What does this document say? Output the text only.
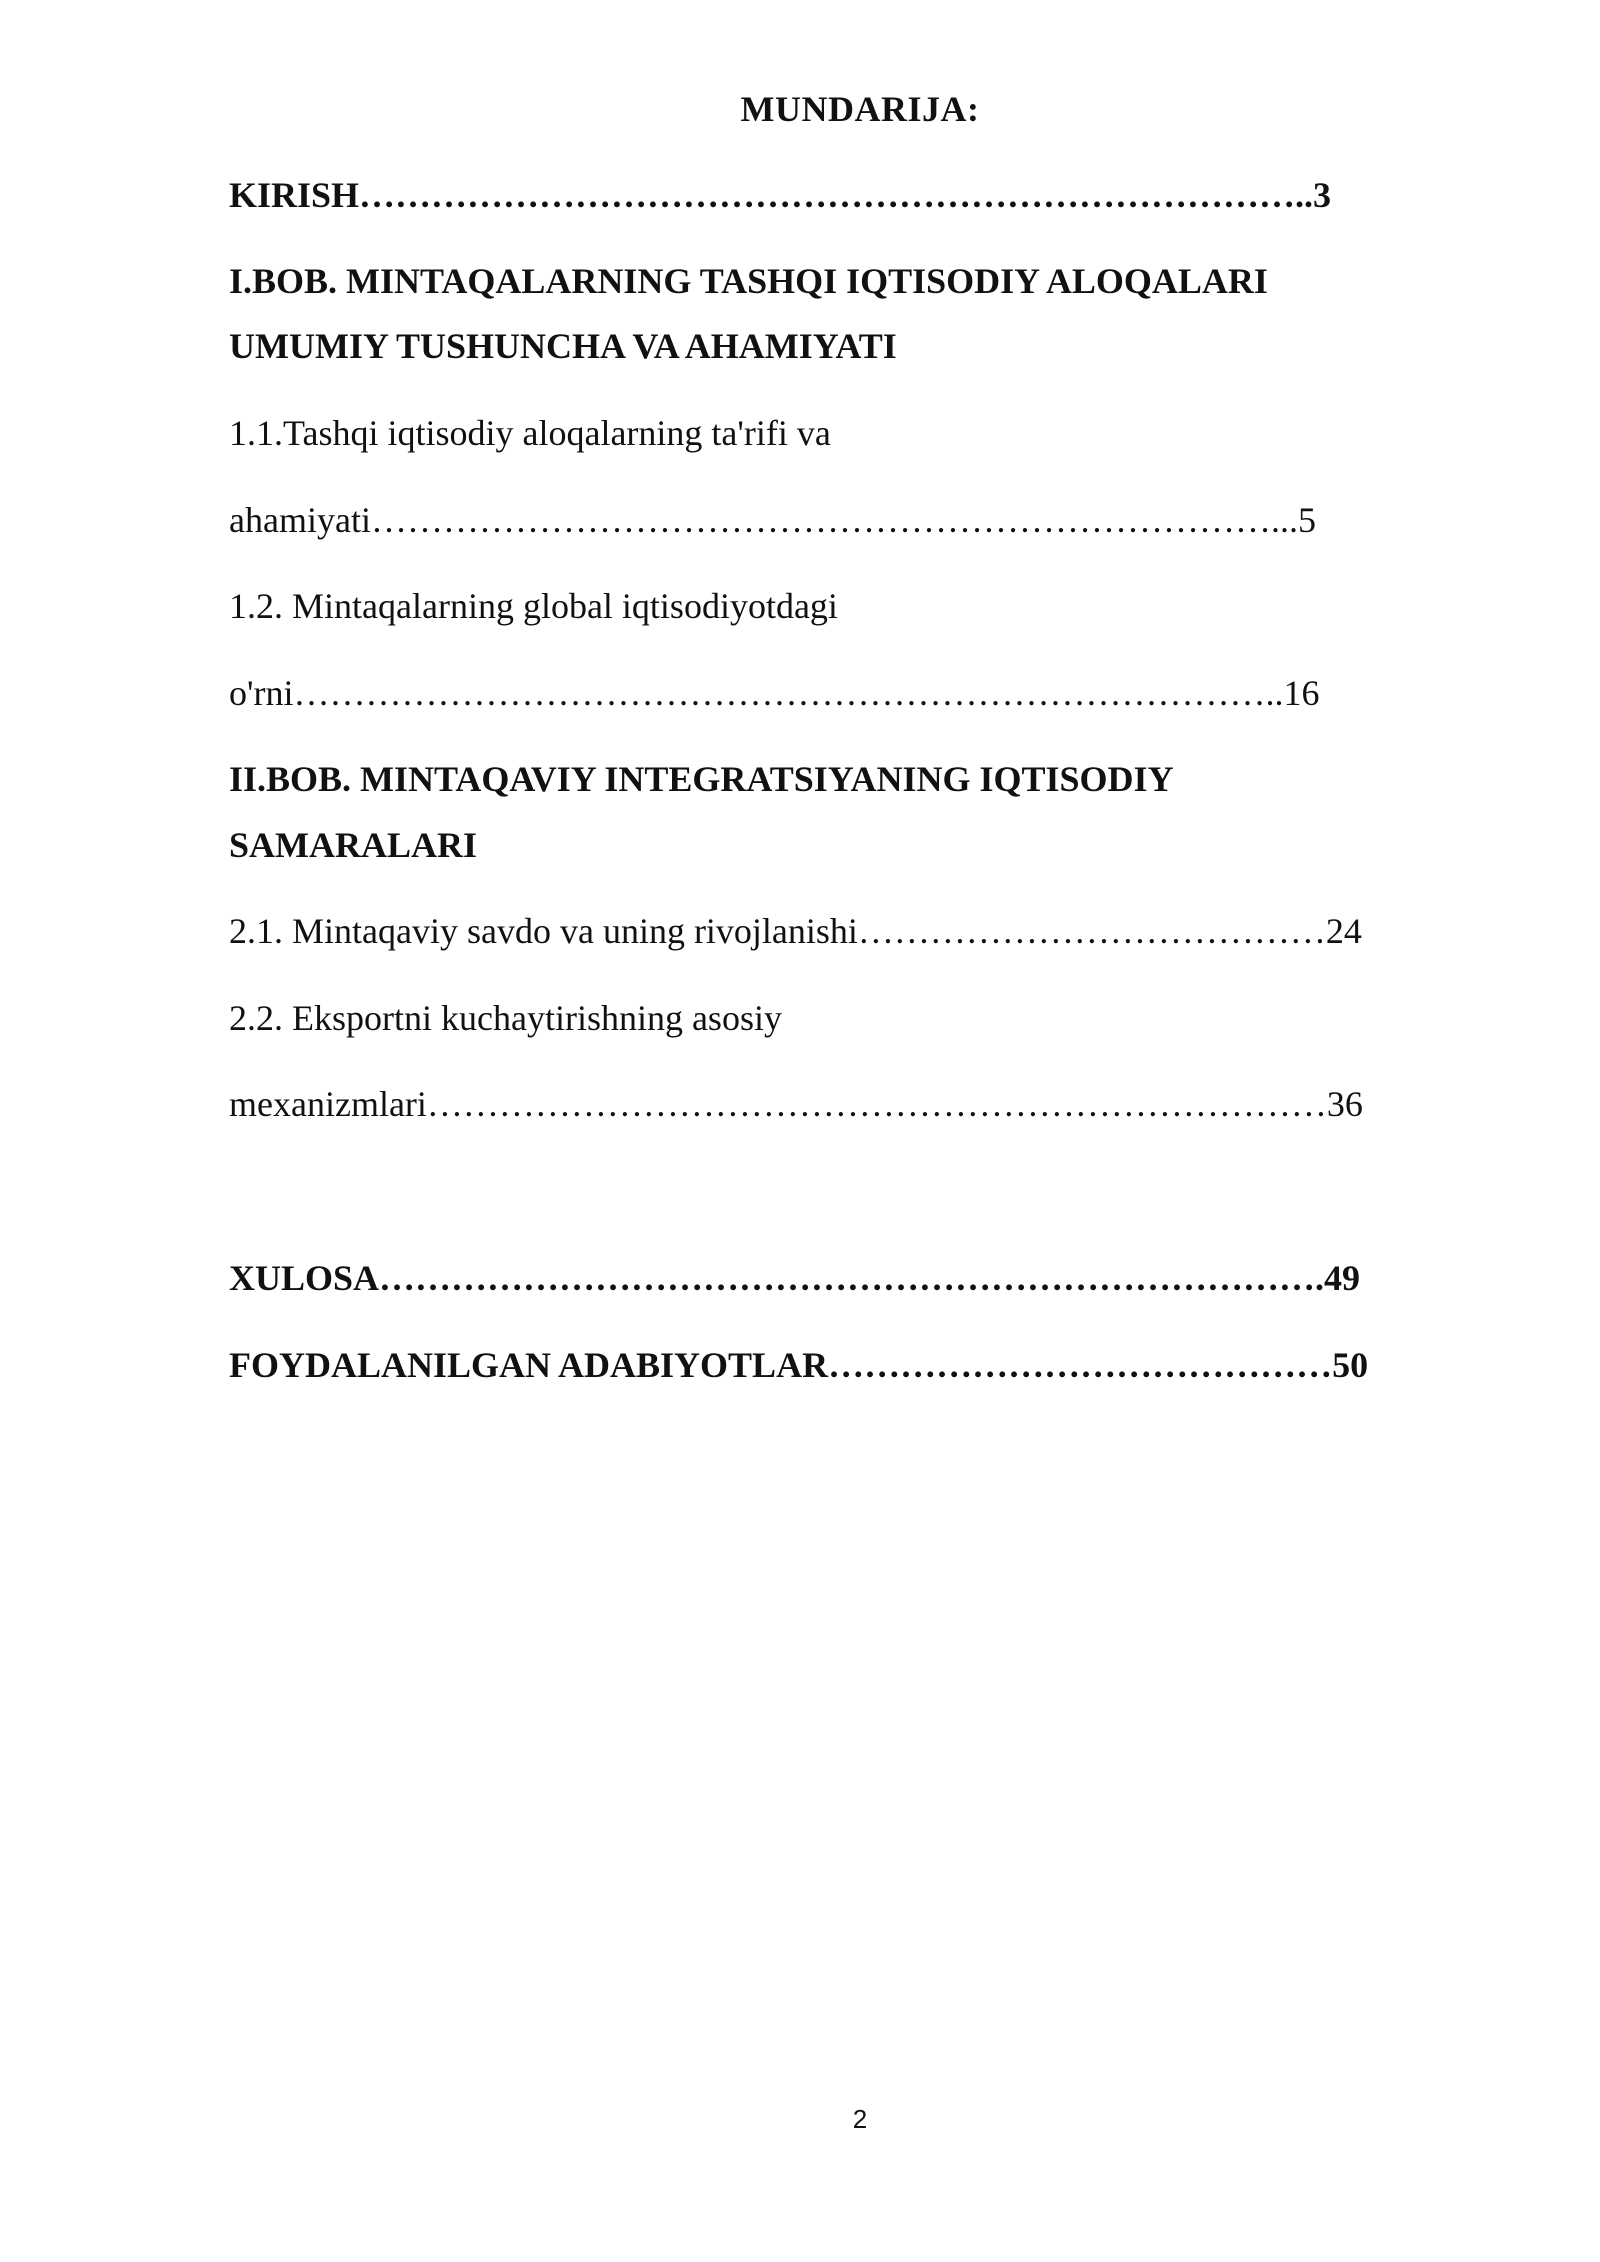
MUNDARIJA:
KIRISH……………………………………………………………………..3
I.BOB. MINTAQALARNING TASHQI IQTISODIY ALOQALARI
UMUMIY TUSHUNCHA VA AHAMIYATI
1.1.Tashqi iqtisodiy aloqalarning ta'rifi va
ahamiyati…………………………………………………………………...5
1.2. Mintaqalarning global iqtisodiyotdagi
o'rni………………………………………………………………………..16
II.BOB. MINTAQAVIY INTEGRATSIYANING IQTISODIY
SAMARALARI
2.1. Mintaqaviy savdo va uning rivojlanishi…………………………………24
2.2. Eksportni kuchaytirishning asosiy
mexanizmlari…………………………………………………………………36
XULOSA…………………………………………………………………….49
FOYDALANILGAN ADABIYOTLAR……………………………………50
2
